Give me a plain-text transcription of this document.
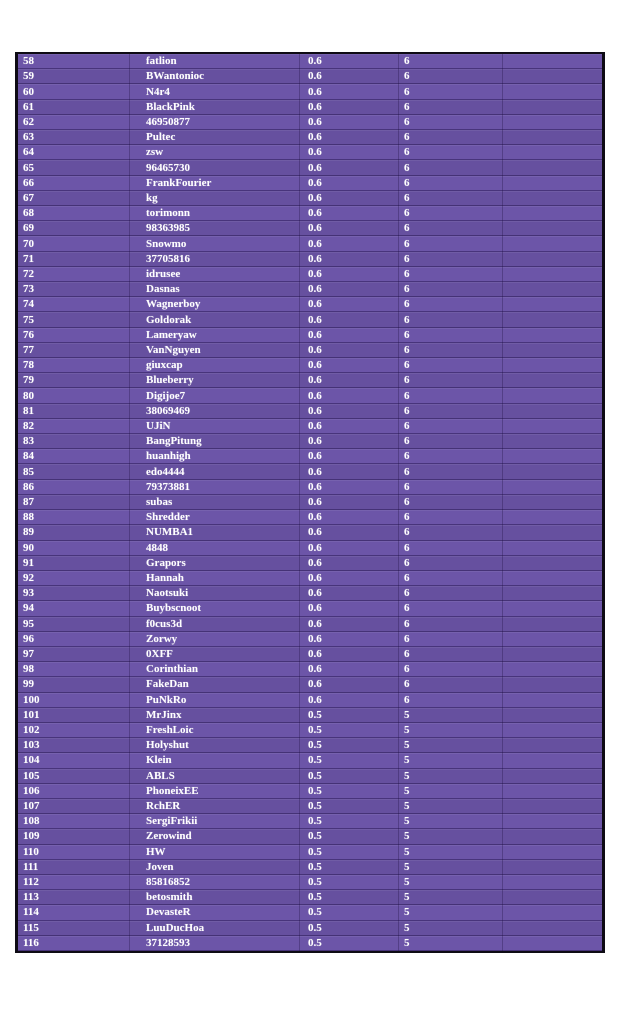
58	fatlion	0.6	6
59	BWantonioc	0.6	6
60	N4r4	0.6	6
61	BlackPink	0.6	6
62	46950877	0.6	6
63	Pultec	0.6	6
64	zsw	0.6	6
65	96465730	0.6	6
66	FrankFourier	0.6	6
67	kg	0.6	6
68	torimonn	0.6	6
69	98363985	0.6	6
70	Snowmo	0.6	6
71	37705816	0.6	6
72	idrusee	0.6	6
73	Dasnas	0.6	6
74	Wagnerboy	0.6	6
75	Goldorak	0.6	6
76	Lameryaw	0.6	6
77	VanNguyen	0.6	6
78	giuxcap	0.6	6
79	Blueberry	0.6	6
80	Digijoe7	0.6	6
81	38069469	0.6	6
82	UJiN	0.6	6
83	BangPitung	0.6	6
84	huanhigh	0.6	6
85	edo4444	0.6	6
86	79373881	0.6	6
87	subas	0.6	6
88	Shredder	0.6	6
89	NUMBA1	0.6	6
90	4848	0.6	6
91	Grapors	0.6	6
92	Hannah	0.6	6
93	Naotsuki	0.6	6
94	Buybscnoot	0.6	6
95	f0cus3d	0.6	6
96	Zorwy	0.6	6
97	0XFF	0.6	6
98	Corinthian	0.6	6
99	FakeDan	0.6	6
100	PuNkRo	0.6	6
101	MrJinx	0.5	5
102	FreshLoic	0.5	5
103	Holyshut	0.5	5
104	Klein	0.5	5
105	ABLS	0.5	5
106	PhoneixEE	0.5	5
107	RchER	0.5	5
108	SergiFrikii	0.5	5
109	Zerowind	0.5	5
110	HW	0.5	5
111	Joven	0.5	5
112	85816852	0.5	5
113	betosmith	0.5	5
114	DevasteR	0.5	5
115	LuuDucHoa	0.5	5
116	37128593	0.5	5
